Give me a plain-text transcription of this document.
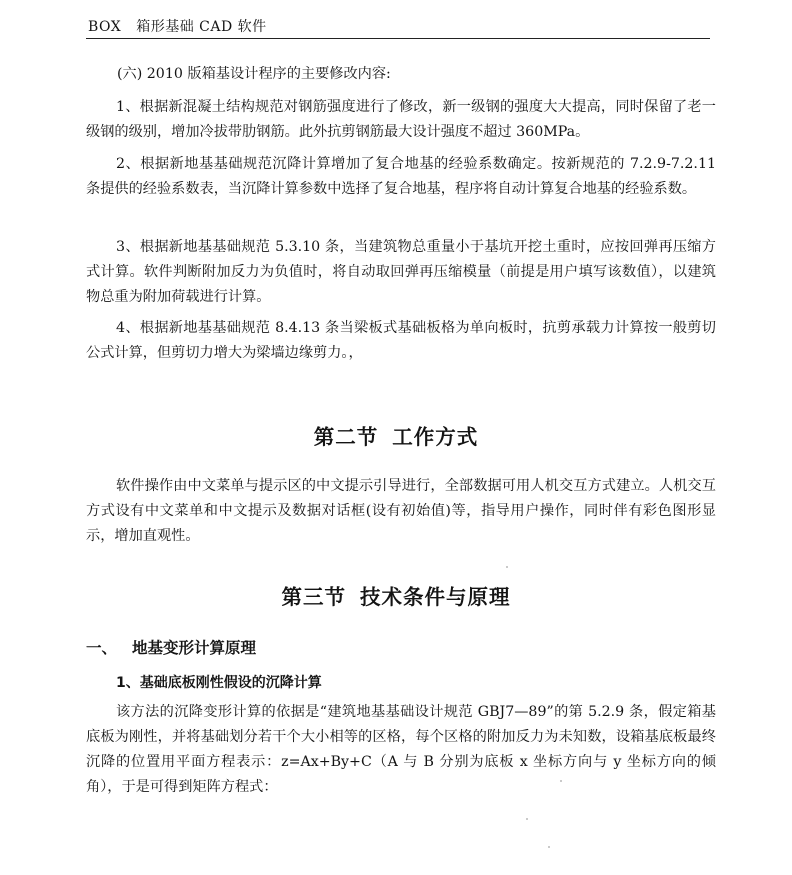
BOX 箱形基础 CAD 软件

(六) 2010 版箱基设计程序的主要修改内容:

1、根据新混凝土结构规范对钢筋强度进行了修改，新一级钢的强度大大提高，同时保留了老一级钢的级别，增加冷拔带肋钢筋。此外抗剪钢筋最大设计强度不超过 360MPa。

2、根据新地基基础规范沉降计算增加了复合地基的经验系数确定。按新规范的 7.2.9-7.2.11 条提供的经验系数表，当沉降计算参数中选择了复合地基，程序将自动计算复合地基的经验系数。

3、根据新地基基础规范 5.3.10 条，当建筑物总重量小于基坑开挖土重时，应按回弹再压缩方式计算。软件判断附加反力为负值时，将自动取回弹再压缩模量（前提是用户填写该数值），以建筑物总重为附加荷载进行计算。

4、根据新地基基础规范 8.4.13 条当梁板式基础板格为单向板时，抗剪承载力计算按一般剪切公式计算，但剪切力增大为梁墙边缘剪力。，

第二节 工作方式

软件操作由中文菜单与提示区的中文提示引导进行，全部数据可用人机交互方式建立。人机交互方式设有中文菜单和中文提示及数据对话框(设有初始值)等，指导用户操作，同时伴有彩色图形显示，增加直观性。

第三节 技术条件与原理
一、 地基变形计算原理
1、基础底板刚性假设的沉降计算

该方法的沉降变形计算的依据是“建筑地基基础设计规范 GBJ7—89”的第 5.2.9 条，假定箱基底板为刚性，并将基础划分若干个大小相等的区格，每个区格的附加反力为未知数，设箱基底板最终沉降的位置用平面方程表示：z=Ax+By+C（A 与 B 分别为底板 x 坐标方向与 y 坐标方向的倾角），于是可得到矩阵方程式：
